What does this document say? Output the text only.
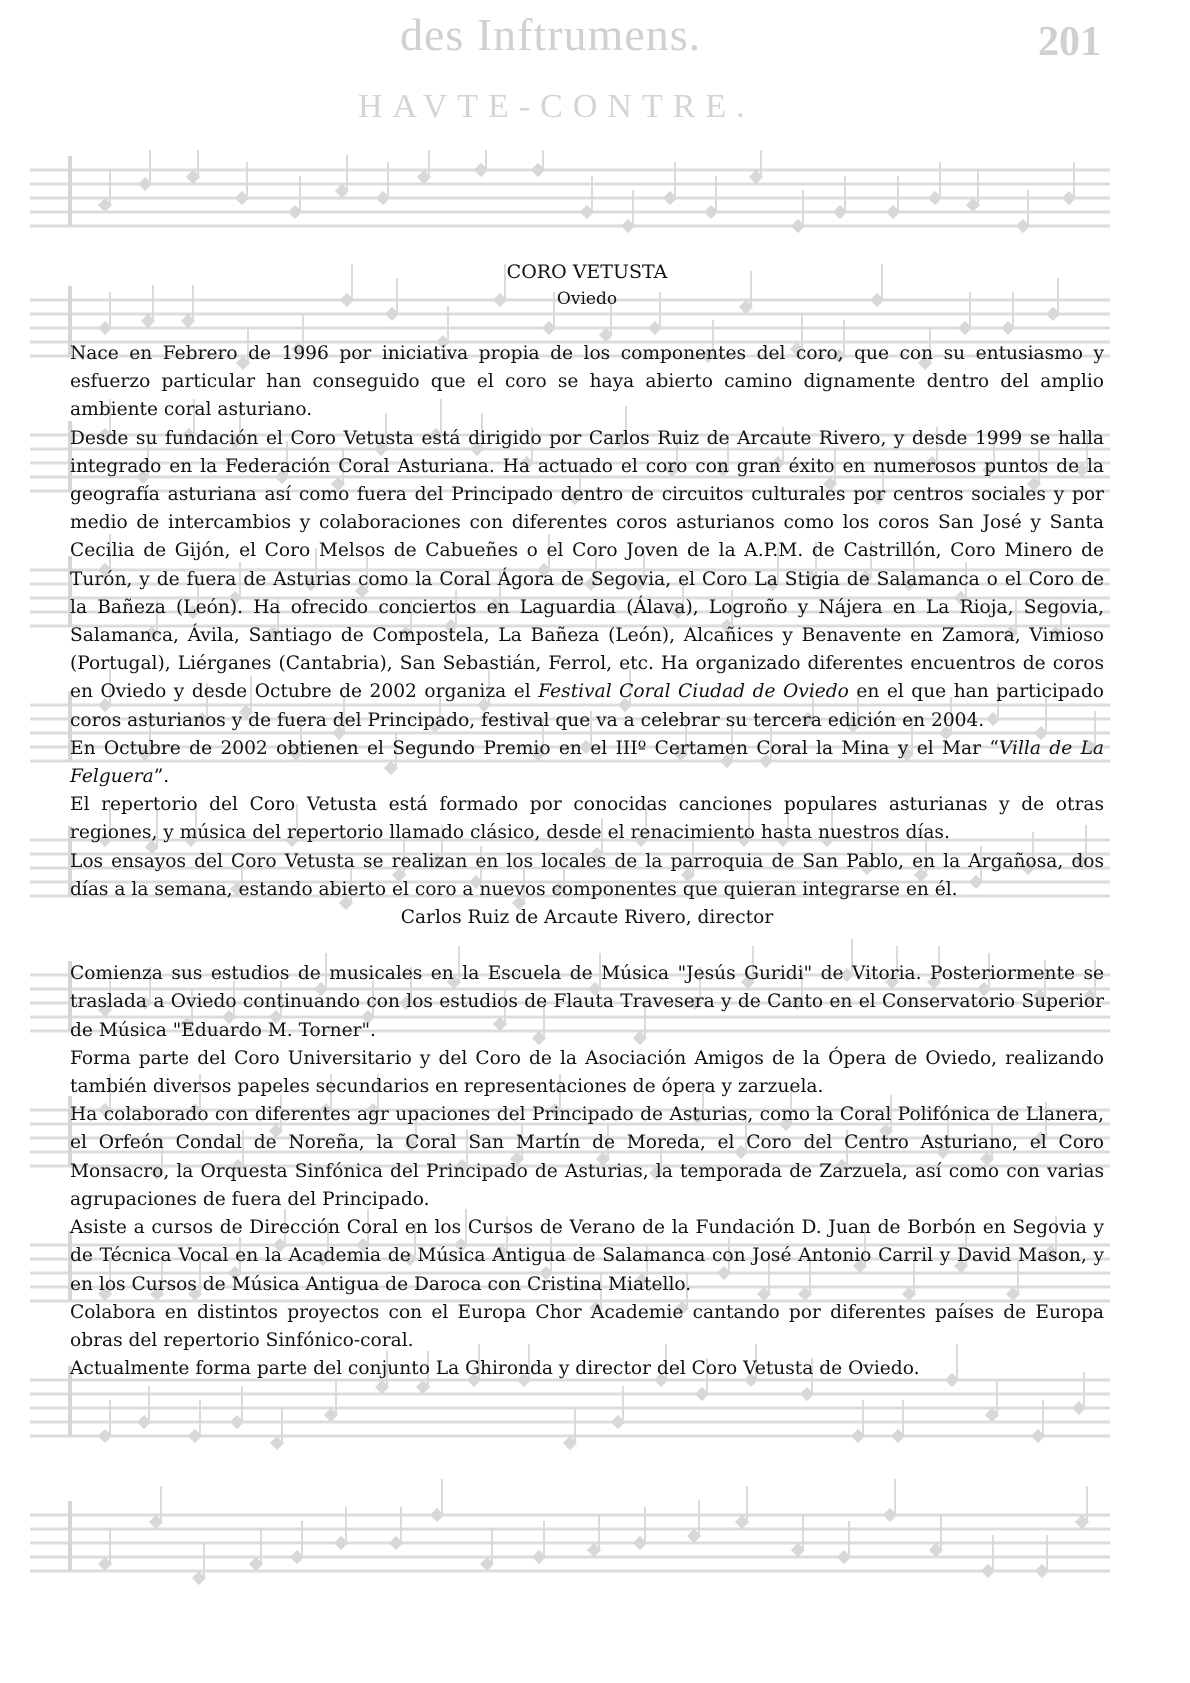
des Inftrumens.	201
HAVTE-CONTRE.

CORO VETUSTA

Oviedo

Nace en Febrero de 1996 por iniciativa propia de los componentes del coro, que con su entusiasmo y esfuerzo particular han conseguido que el coro se haya abierto camino dignamente dentro del amplio ambiente coral asturiano.

Desde su fundación el Coro Vetusta está dirigido por Carlos Ruiz de Arcaute Rivero, y desde 1999 se halla integrado en la Federación Coral Asturiana. Ha actuado el coro con gran éxito en numerosos puntos de la geografía asturiana así como fuera del Principado dentro de circuitos culturales por centros sociales y por medio de intercambios y colaboraciones con diferentes coros asturianos como los coros San José y Santa Cecilia de Gijón, el Coro Melsos de Cabueñes o el Coro Joven de la A.P.M. de Castrillón, Coro Minero de Turón, y de fuera de Asturias como la Coral Ágora de Segovia, el Coro La Stigia de Salamanca o el Coro de la Bañeza (León). Ha ofrecido conciertos en Laguardia (Álava), Logroño y Nájera en La Rioja, Segovia, Salamanca, Ávila, Santiago de Compostela, La Bañeza (León), Alcañices y Benavente en Zamora, Vimioso (Portugal), Liérganes (Cantabria), San Sebastián, Ferrol, etc. Ha organizado diferentes encuentros de coros en Oviedo y desde Octubre de 2002 organiza el Festival Coral Ciudad de Oviedo en el que han participado coros asturianos y de fuera del Principado, festival que va a celebrar su tercera edición en 2004.

En Octubre de 2002 obtienen el Segundo Premio en el IIIº Certamen Coral la Mina y el Mar “Villa de La Felguera”.

El repertorio del Coro Vetusta está formado por conocidas canciones populares asturianas y de otras regiones, y música del repertorio llamado clásico, desde el renacimiento hasta nuestros días.

Los ensayos del Coro Vetusta se realizan en los locales de la parroquia de San Pablo, en la Argañosa, dos días a la semana, estando abierto el coro a nuevos componentes que quieran integrarse en él.

Carlos Ruiz de Arcaute Rivero, director

Comienza sus estudios de musicales en la Escuela de Música "Jesús Guridi" de Vitoria. Posteriormente se traslada a Oviedo continuando con los estudios de Flauta Travesera y de Canto en el Conservatorio Superior de Música "Eduardo M. Torner".

Forma parte del Coro Universitario y del Coro de la Asociación Amigos de la Ópera de Oviedo, realizando también diversos papeles secundarios en representaciones de ópera y zarzuela.

Ha colaborado con diferentes agr upaciones del Principado de Asturias, como la Coral Polifónica de Llanera, el Orfeón Condal de Noreña, la Coral San Martín de Moreda, el Coro del Centro Asturiano, el Coro Monsacro, la Orquesta Sinfónica del Principado de Asturias, la temporada de Zarzuela, así como con varias agrupaciones de fuera del Principado.

Asiste a cursos de Dirección Coral en los Cursos de Verano de la Fundación D. Juan de Borbón en Segovia y de Técnica Vocal en la Academia de Música Antigua de Salamanca con José Antonio Carril y David Mason, y en los Cursos de Música Antigua de Daroca con Cristina Miatello.

Colabora en distintos proyectos con el Europa Chor Academie cantando por diferentes países de Europa obras del repertorio Sinfónico-coral.

Actualmente forma parte del conjunto La Ghironda y director del Coro Vetusta de Oviedo.
